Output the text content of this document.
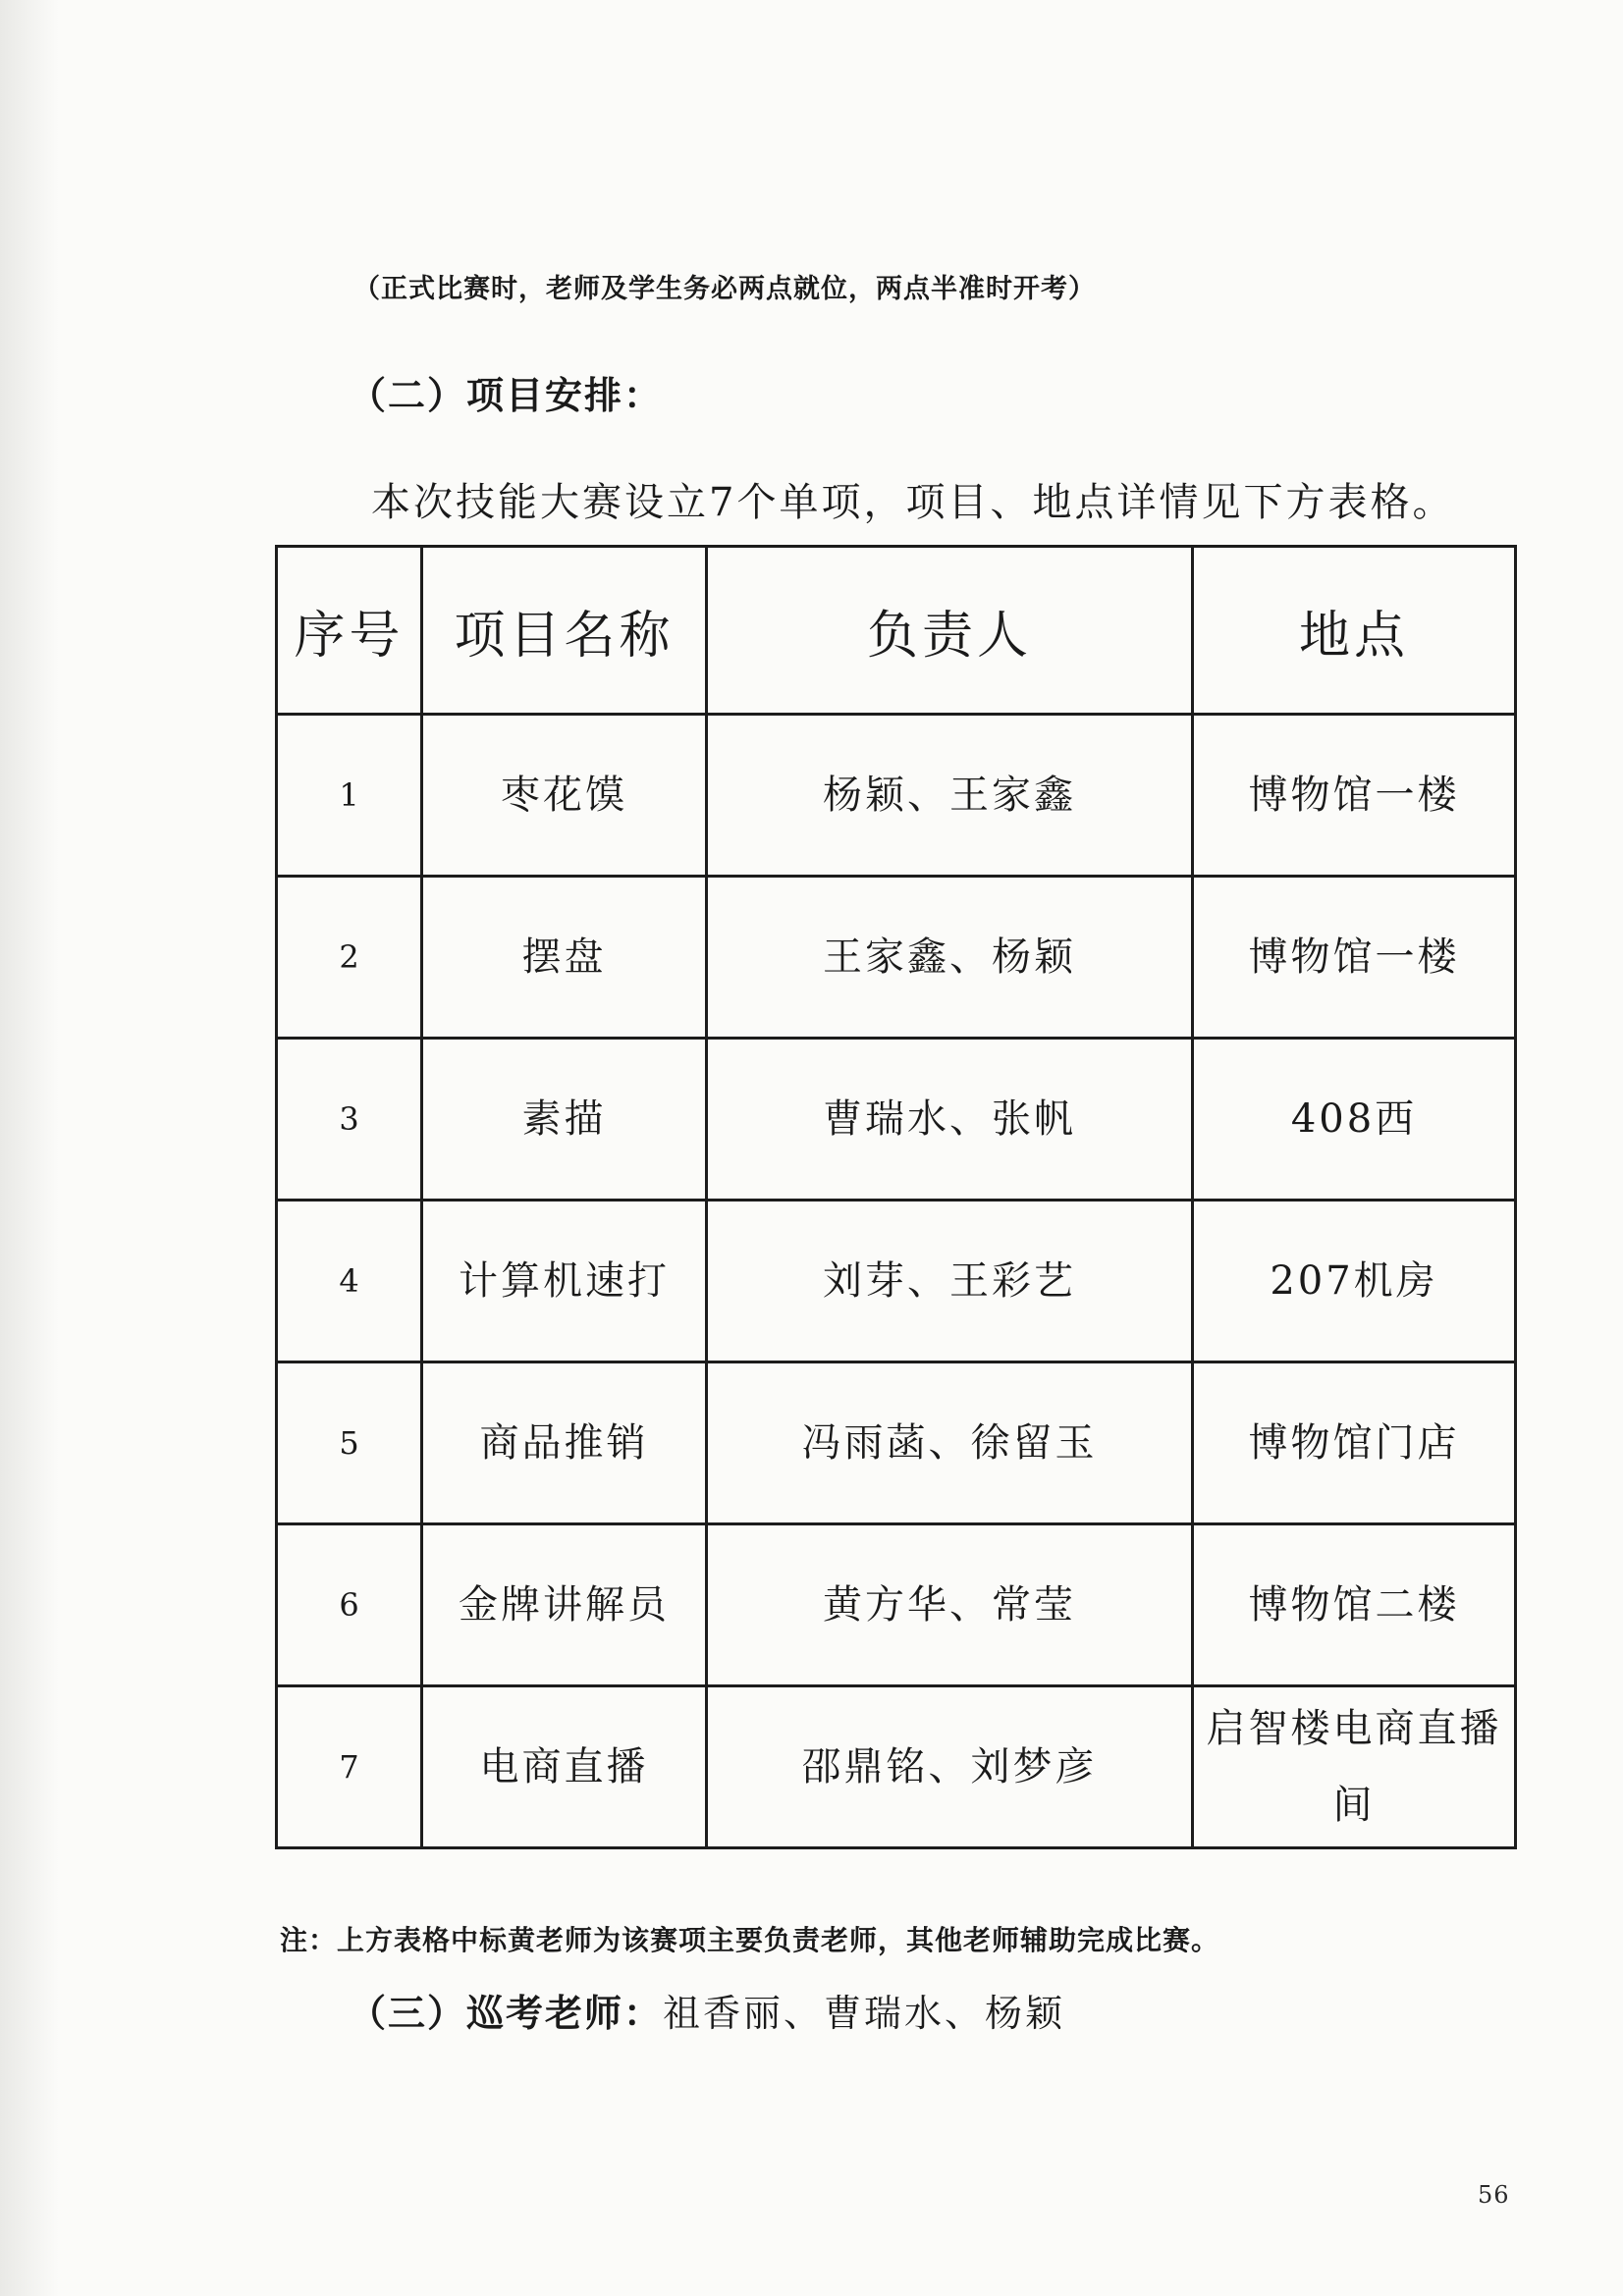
（正式比赛时，老师及学生务必两点就位，两点半准时开考）
（二）项目安排：
本次技能大赛设立7个单项，项目、地点详情见下方表格。
序号	项目名称	负责人	地点
1	枣花馍	杨颖、王家鑫	博物馆一楼
2	摆盘	王家鑫、杨颖	博物馆一楼
3	素描	曹瑞水、张帆	408西
4	计算机速打	刘芽、王彩艺	207机房
5	商品推销	冯雨菡、徐留玉	博物馆门店
6	金牌讲解员	黄方华、常莹	博物馆二楼
7	电商直播	邵鼎铭、刘梦彦	启智楼电商直播间
注：上方表格中标黄老师为该赛项主要负责老师，其他老师辅助完成比赛。
（三）巡考老师：祖香丽、曹瑞水、杨颖
56
